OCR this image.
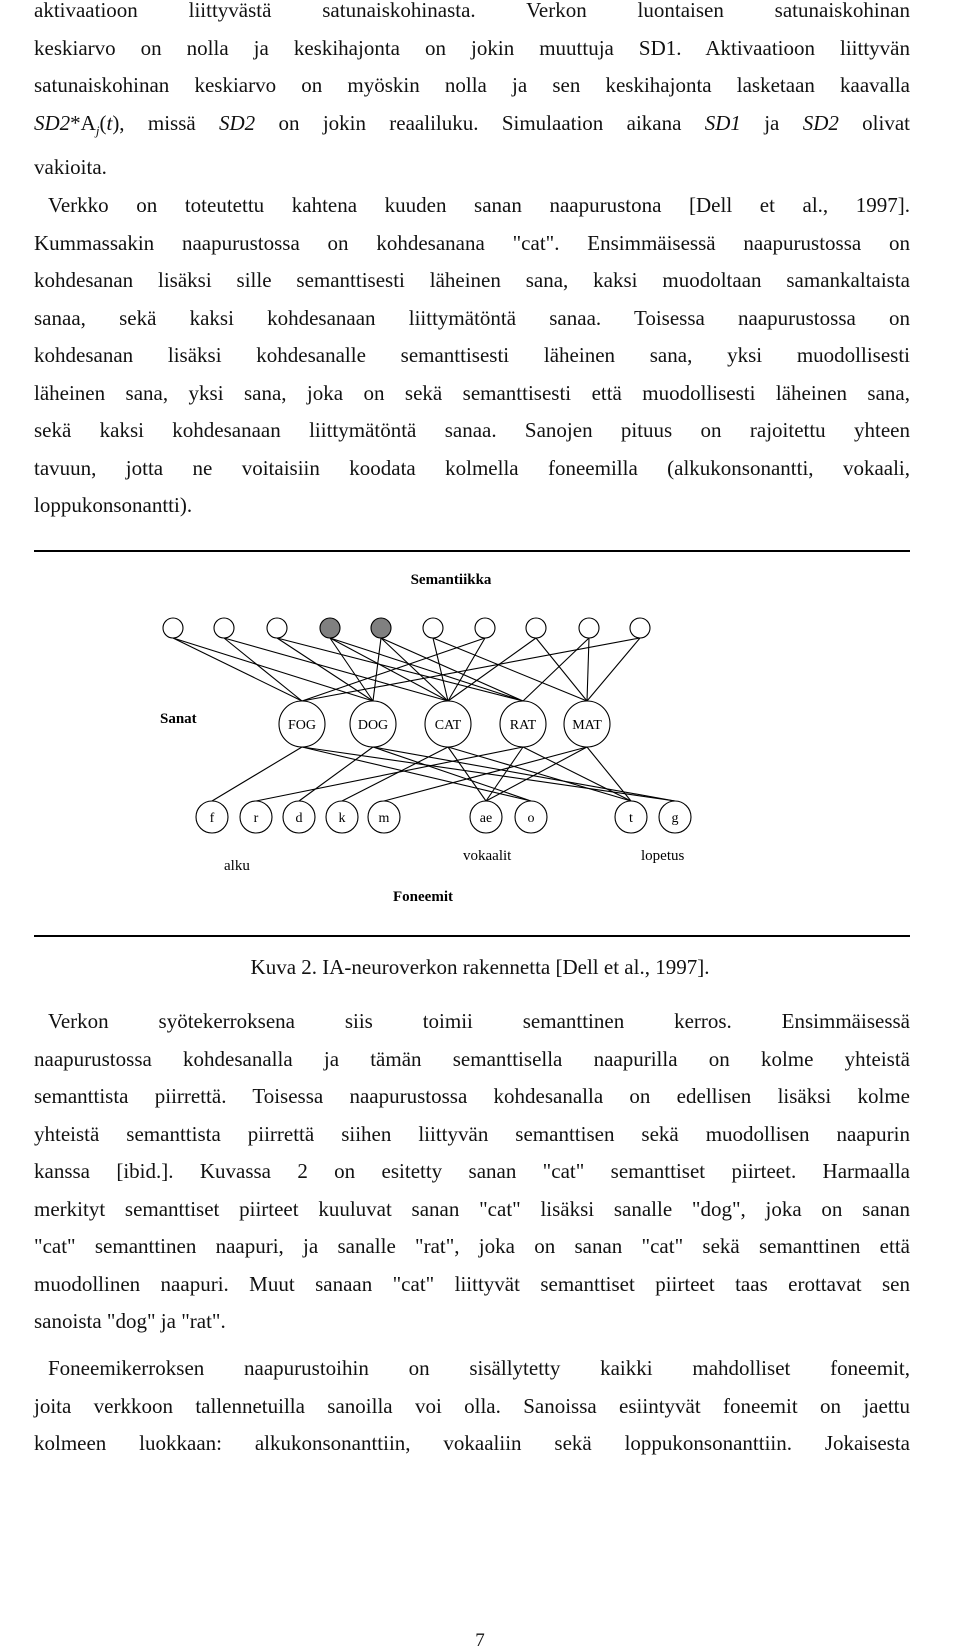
aktivaatioon liittyvästä satunaiskohinasta. Verkon luontaisen satunaiskohinan
keskiarvo on nolla ja keskihajonta on jokin muuttuja SD1. Aktivaatioon liittyvän
satunaiskohinan keskiarvo on myöskin nolla ja sen keskihajonta lasketaan kaavalla
$SD2*A_j(t)$, missä SD2 on jokin reaaliluku. Simulaation aikana SD1 ja SD2 olivat
vakioita.
Verkko on toteutettu kahtena kuuden sanan naapurustona [Dell et al., 1997].
Kummassakin naapurustossa on kohdesanana "cat". Ensimmäisessä naapurustossa on
kohdesanan lisäksi sille semanttisesti läheinen sana, kaksi muodoltaan samankaltaista
sanaa, sekä kaksi kohdesanaan liittymätöntä sanaa. Toisessa naapurustossa on
kohdesanan lisäksi kohdesanalle semanttisesti läheinen sana, yksi muodollisesti
läheinen sana, yksi sana, joka on sekä semanttisesti että muodollisesti läheinen sana,
sekä kaksi kohdesanaan liittymätöntä sanaa. Sanojen pituus on rajoitettu yhteen
tavuun, jotta ne voitaisiin koodata kolmella foneemilla (alkukonsonantti, vokaali,
loppukonsonantti).
FOG	DOG	CAT	RAT	MAT
f	r	d	k m	ae	o	t	g
Semantiikka
Sanat
alku
vokaalit	lopetus
Foneemit
Kuva 2. IA-neuroverkon rakennetta [Dell et al., 1997].
Verkon syötekerroksena siis toimii semanttinen kerros. Ensimmäisessä
naapurustossa kohdesanalla ja tämän semanttisella naapurilla on kolme yhteistä
semanttista piirrettä. Toisessa naapurustossa kohdesanalla on edellisen lisäksi kolme
yhteistä semanttista piirrettä siihen liittyvän semanttisen sekä muodollisen naapurin
kanssa [ibid.]. Kuvassa 2 on esitetty sanan "cat" semanttiset piirteet. Harmaalla
merkityt semanttiset piirteet kuuluvat sanan "cat" lisäksi sanalle "dog", joka on sanan
"cat" semanttinen naapuri, ja sanalle "rat", joka on sanan "cat" sekä semanttinen että
muodollinen naapuri. Muut sanaan "cat" liittyvät semanttiset piirteet taas erottavat sen
sanoista "dog" ja "rat".
Foneemikerroksen naapurustoihin on sisällytetty kaikki mahdolliset foneemit,
joita verkkoon tallennetuilla sanoilla voi olla. Sanoissa esiintyvät foneemit on jaettu
kolmeen luokkaan: alkukonsonanttiin, vokaaliin sekä loppukonsonanttiin. Jokaisesta
7
